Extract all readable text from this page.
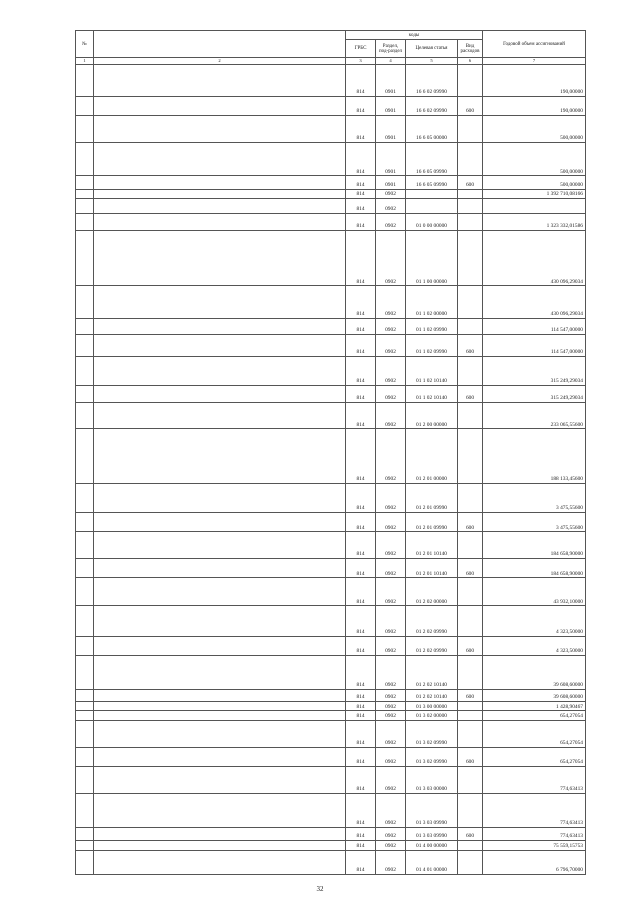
№		коды				Годовой объем ассигнований
		ГРБС	Раздел, под-раздел	Целевая статья	Вид расходов	
1	2	3	4	5	6	7
		814	0901	16 6 02 09990		190,00000
		814	0901	16 6 02 09990	600	190,00000
		814	0901	16 6 05 00000		500,00000
		814	0901	16 6 05 09990		500,00000
		814	0901	16 6 05 09990	600	500,00000
		814	0902			1 392 710,08166
		814	0902			
		814	0902	01 0 00 00000		1 323 332,01586
		814	0902	01 1 00 00000		430 096,29034
		814	0902	01 1 02 00000		430 096,29034
		814	0902	01 1 02 09990		114 547,00000
		814	0902	01 1 02 09990	600	114 547,00000
		814	0902	01 1 02 10140		315 249,29034
		814	0902	01 1 02 10140	600	315 249,29034
		814	0902	01 2 00 00000		233 065,55600
		814	0902	01 2 01 00000		188 133,45600
		814	0902	01 2 01 09990		3 475,55600
		814	0902	01 2 01 09990	600	3 475,55600
		814	0902	01 2 01 10140		184 658,90000
		814	0902	01 2 01 10140	600	184 658,90000
		814	0902	01 2 02 00000		43 932,10000
		814	0902	01 2 02 09990		4 323,50000
		814	0902	01 2 02 09990	600	4 323,50000
		814	0902	01 2 02 10140		39 608,60000
		814	0902	01 2 02 10140	600	39 608,60000
		814	0902	01 3 00 00000		1 428,90467
		814	0902	01 3 02 00000		654,27054
		814	0902	01 3 02 09990		654,27054
		814	0902	01 3 02 09990	600	654,27054
		814	0902	01 3 03 00000		774,63413
		814	0902	01 3 03 09990		774,63413
		814	0902	01 3 03 09990	600	774,63413
		814	0902	01 4 00 00000		75 559,15753
		814	0902	01 4 01 00000		6 796,70000
32
